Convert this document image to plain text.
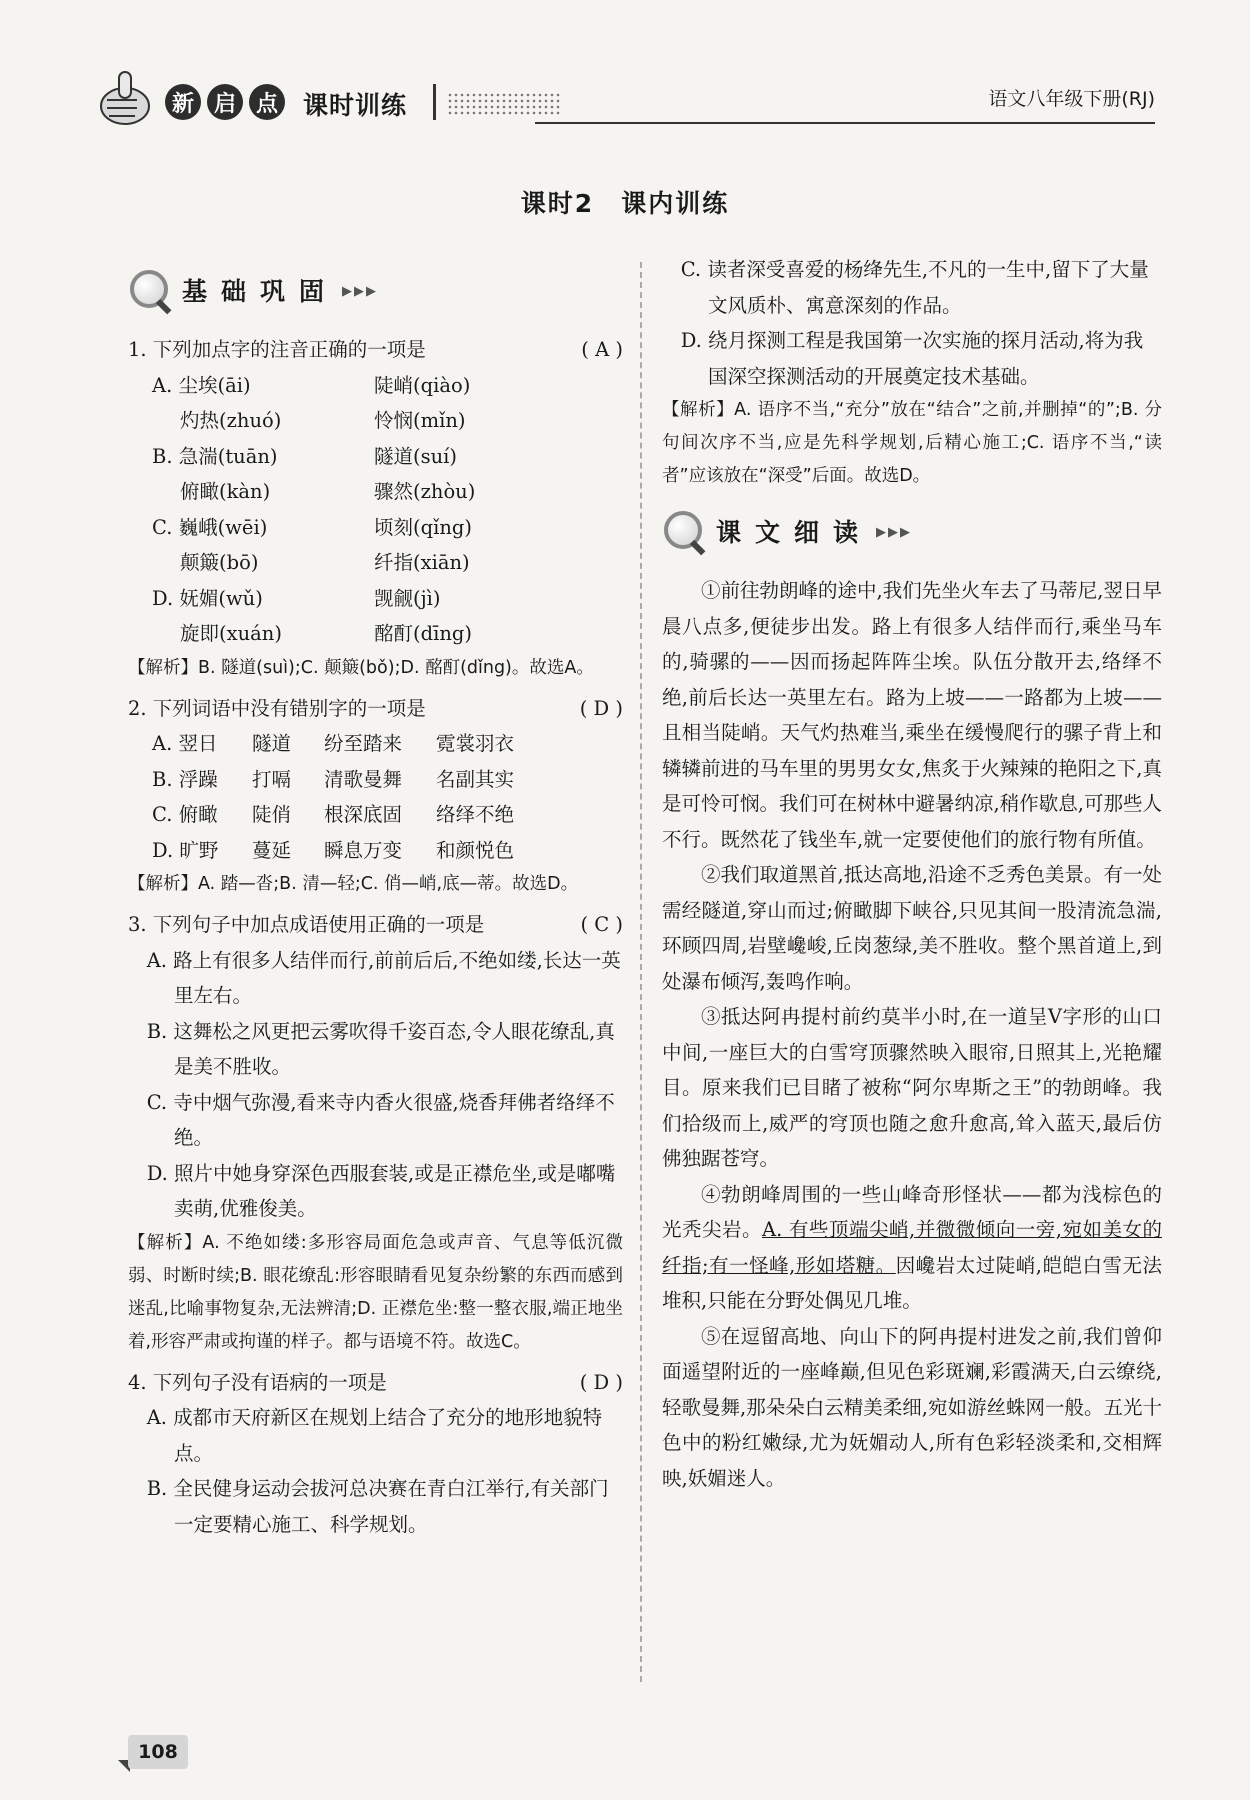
新 启 点 课时训练	语文八年级下册(RJ)
课时2　课内训练
基础巩固 ▶▶▶
1. 下列加点字的注音正确的一项是	( A )
A. 尘埃(āi)	陡峭(qiào)
灼热(zhuó)	怜悯(mǐn)
B. 急湍(tuān)	隧道(suí)
俯瞰(kàn)	骤然(zhòu)
C. 巍峨(wēi)	顷刻(qǐng)
颠簸(bō)	纤指(xiān)
D. 妩媚(wǔ)	觊觎(jì)
旋即(xuán)	酩酊(dīng)
【解析】B. 隧道(suì);C. 颠簸(bǒ);D. 酩酊(dǐng)。故选A。
2. 下列词语中没有错别字的一项是	( D )
A. 翌日 隧道 纷至踏来 霓裳羽衣
B. 浮躁 打嗝 清歌曼舞 名副其实
C. 俯瞰 陡俏 根深底固 络绎不绝
D. 旷野 蔓延 瞬息万变 和颜悦色
【解析】A. 踏—沓;B. 清—轻;C. 俏—峭,底—蒂。故选D。
3. 下列句子中加点成语使用正确的一项是	( C )
A. 路上有很多人结伴而行,前前后后,不绝如缕,长达一英里左右。
B. 这舞松之风更把云雾吹得千姿百态,令人眼花缭乱,真是美不胜收。
C. 寺中烟气弥漫,看来寺内香火很盛,烧香拜佛者络绎不绝。
D. 照片中她身穿深色西服套装,或是正襟危坐,或是嘟嘴卖萌,优雅俊美。
【解析】A. 不绝如缕:多形容局面危急或声音、气息等低沉微弱、时断时续;B. 眼花缭乱:形容眼睛看见复杂纷繁的东西而感到迷乱,比喻事物复杂,无法辨清;D. 正襟危坐:整一整衣服,端正地坐着,形容严肃或拘谨的样子。都与语境不符。故选C。
4. 下列句子没有语病的一项是	( D )
A. 成都市天府新区在规划上结合了充分的地形地貌特点。
B. 全民健身运动会拔河总决赛在青白江举行,有关部门一定要精心施工、科学规划。
C. 读者深受喜爱的杨绛先生,不凡的一生中,留下了大量文风质朴、寓意深刻的作品。
D. 绕月探测工程是我国第一次实施的探月活动,将为我国深空探测活动的开展奠定技术基础。
【解析】A. 语序不当,“充分”放在“结合”之前,并删掉“的”;B. 分句间次序不当,应是先科学规划,后精心施工;C. 语序不当,“读者”应该放在“深受”后面。故选D。
课文细读 ▶▶▶
①前往勃朗峰的途中,我们先坐火车去了马蒂尼,翌日早晨八点多,便徒步出发。路上有很多人结伴而行,乘坐马车的,骑骡的——因而扬起阵阵尘埃。队伍分散开去,络绎不绝,前后长达一英里左右。路为上坡——一路都为上坡——且相当陡峭。天气灼热难当,乘坐在缓慢爬行的骡子背上和辚辚前进的马车里的男男女女,焦炙于火辣辣的艳阳之下,真是可怜可悯。我们可在树林中避暑纳凉,稍作歇息,可那些人不行。既然花了钱坐车,就一定要使他们的旅行物有所值。
②我们取道黑首,抵达高地,沿途不乏秀色美景。有一处需经隧道,穿山而过;俯瞰脚下峡谷,只见其间一股清流急湍,环顾四周,岩壁巉峻,丘岗葱绿,美不胜收。整个黑首道上,到处瀑布倾泻,轰鸣作响。
③抵达阿冉提村前约莫半小时,在一道呈V字形的山口中间,一座巨大的白雪穹顶骤然映入眼帘,日照其上,光艳耀目。原来我们已目睹了被称“阿尔卑斯之王”的勃朗峰。我们拾级而上,威严的穹顶也随之愈升愈高,耸入蓝天,最后仿佛独踞苍穹。
④勃朗峰周围的一些山峰奇形怪状——都为浅棕色的光秃尖岩。A. 有些顶端尖峭,并微微倾向一旁,宛如美女的纤指;有一怪峰,形如塔糖。因巉岩太过陡峭,皑皑白雪无法堆积,只能在分野处偶见几堆。
⑤在逗留高地、向山下的阿冉提村进发之前,我们曾仰面遥望附近的一座峰巅,但见色彩斑斓,彩霞满天,白云缭绕,轻歌曼舞,那朵朵白云精美柔细,宛如游丝蛛网一般。五光十色中的粉红嫩绿,尤为妩媚动人,所有色彩轻淡柔和,交相辉映,妖媚迷人。
108
